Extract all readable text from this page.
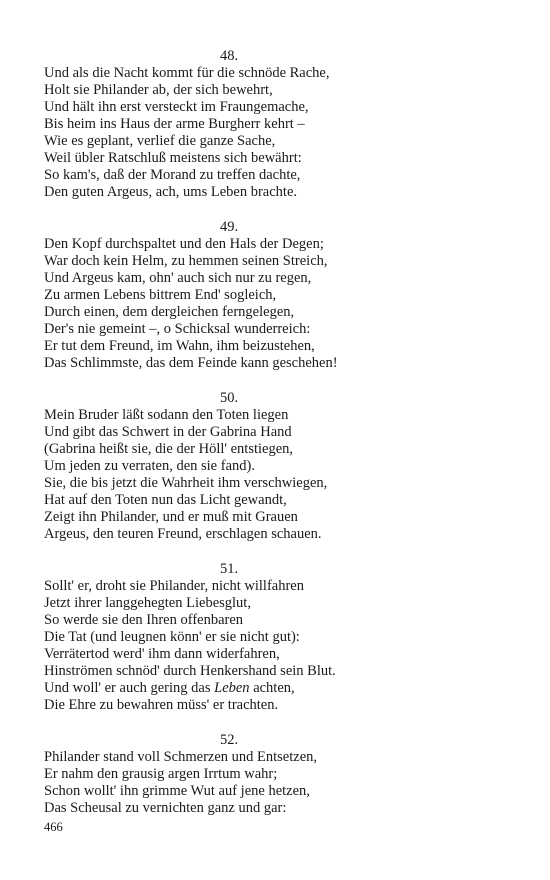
48.
Und als die Nacht kommt für die schnöde Rache,
Holt sie Philander ab, der sich bewehrt,
Und hält ihn erst versteckt im Fraungemache,
Bis heim ins Haus der arme Burgherr kehrt –
Wie es geplant, verlief die ganze Sache,
Weil übler Ratschluß meistens sich bewährt:
So kam's, daß der Morand zu treffen dachte,
Den guten Argeus, ach, ums Leben brachte.
49.
Den Kopf durchspaltet und den Hals der Degen;
War doch kein Helm, zu hemmen seinen Streich,
Und Argeus kam, ohn' auch sich nur zu regen,
Zu armen Lebens bittrem End' sogleich,
Durch einen, dem dergleichen ferngelegen,
Der's nie gemeint –, o Schicksal wunderreich:
Er tut dem Freund, im Wahn, ihm beizustehen,
Das Schlimmste, das dem Feinde kann geschehen!
50.
Mein Bruder läßt sodann den Toten liegen
Und gibt das Schwert in der Gabrina Hand
(Gabrina heißt sie, die der Höll' entstiegen,
Um jeden zu verraten, den sie fand).
Sie, die bis jetzt die Wahrheit ihm verschwiegen,
Hat auf den Toten nun das Licht gewandt,
Zeigt ihn Philander, und er muß mit Grauen
Argeus, den teuren Freund, erschlagen schauen.
51.
Sollt' er, droht sie Philander, nicht willfahren
Jetzt ihrer langgehegten Liebesglut,
So werde sie den Ihren offenbaren
Die Tat (und leugnen könn' er sie nicht gut):
Verrätertod werd' ihm dann widerfahren,
Hinströmen schnöd' durch Henkershand sein Blut.
Und woll' er auch gering das Leben achten,
Die Ehre zu bewahren müss' er trachten.
52.
Philander stand voll Schmerzen und Entsetzen,
Er nahm den grausig argen Irrtum wahr;
Schon wollt' ihn grimme Wut auf jene hetzen,
Das Scheusal zu vernichten ganz und gar:
466
